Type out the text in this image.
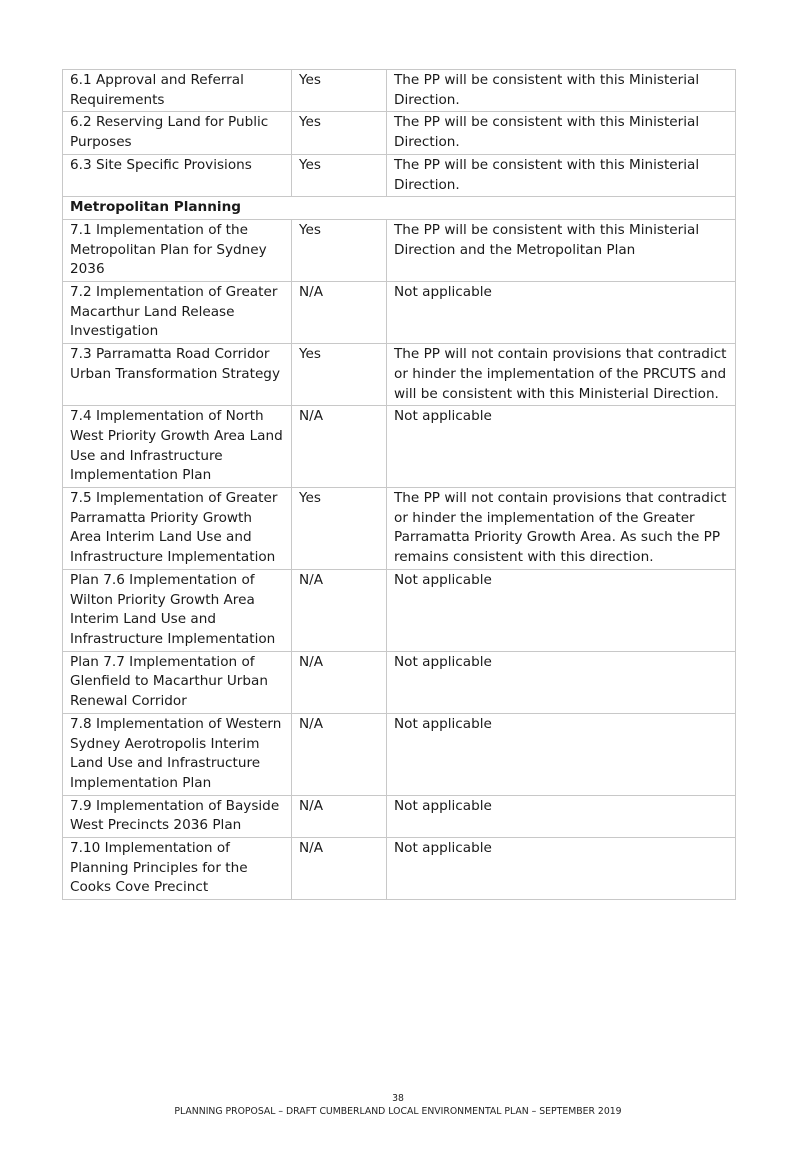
6.1 Approval and Referral Requirements	Yes	The PP will be consistent with this Ministerial Direction.
6.2 Reserving Land for Public Purposes	Yes	The PP will be consistent with this Ministerial Direction.
6.3 Site Specific Provisions	Yes	The PP will be consistent with this Ministerial Direction.
Metropolitan Planning		
7.1 Implementation of the Metropolitan Plan for Sydney 2036	Yes	The PP will be consistent with this Ministerial Direction and the Metropolitan Plan
7.2 Implementation of Greater Macarthur Land Release Investigation	N/A	Not applicable
7.3 Parramatta Road Corridor Urban Transformation Strategy	Yes	The PP will not contain provisions that contradict or hinder the implementation of the PRCUTS and will be consistent with this Ministerial Direction.
7.4 Implementation of North West Priority Growth Area Land Use and Infrastructure Implementation Plan	N/A	Not applicable
7.5 Implementation of Greater Parramatta Priority Growth Area Interim Land Use and Infrastructure Implementation	Yes	The PP will not contain provisions that contradict or hinder the implementation of the Greater Parramatta Priority Growth Area. As such the PP remains consistent with this direction.
Plan 7.6 Implementation of Wilton Priority Growth Area Interim Land Use and Infrastructure Implementation	N/A	Not applicable
Plan 7.7 Implementation of Glenfield to Macarthur Urban Renewal Corridor	N/A	Not applicable
7.8 Implementation of Western Sydney Aerotropolis Interim Land Use and Infrastructure Implementation Plan	N/A	Not applicable
7.9 Implementation of Bayside West Precincts 2036 Plan	N/A	Not applicable
7.10 Implementation of Planning Principles for the Cooks Cove Precinct	N/A	Not applicable
38
PLANNING PROPOSAL – DRAFT CUMBERLAND LOCAL ENVIRONMENTAL PLAN – SEPTEMBER 2019
